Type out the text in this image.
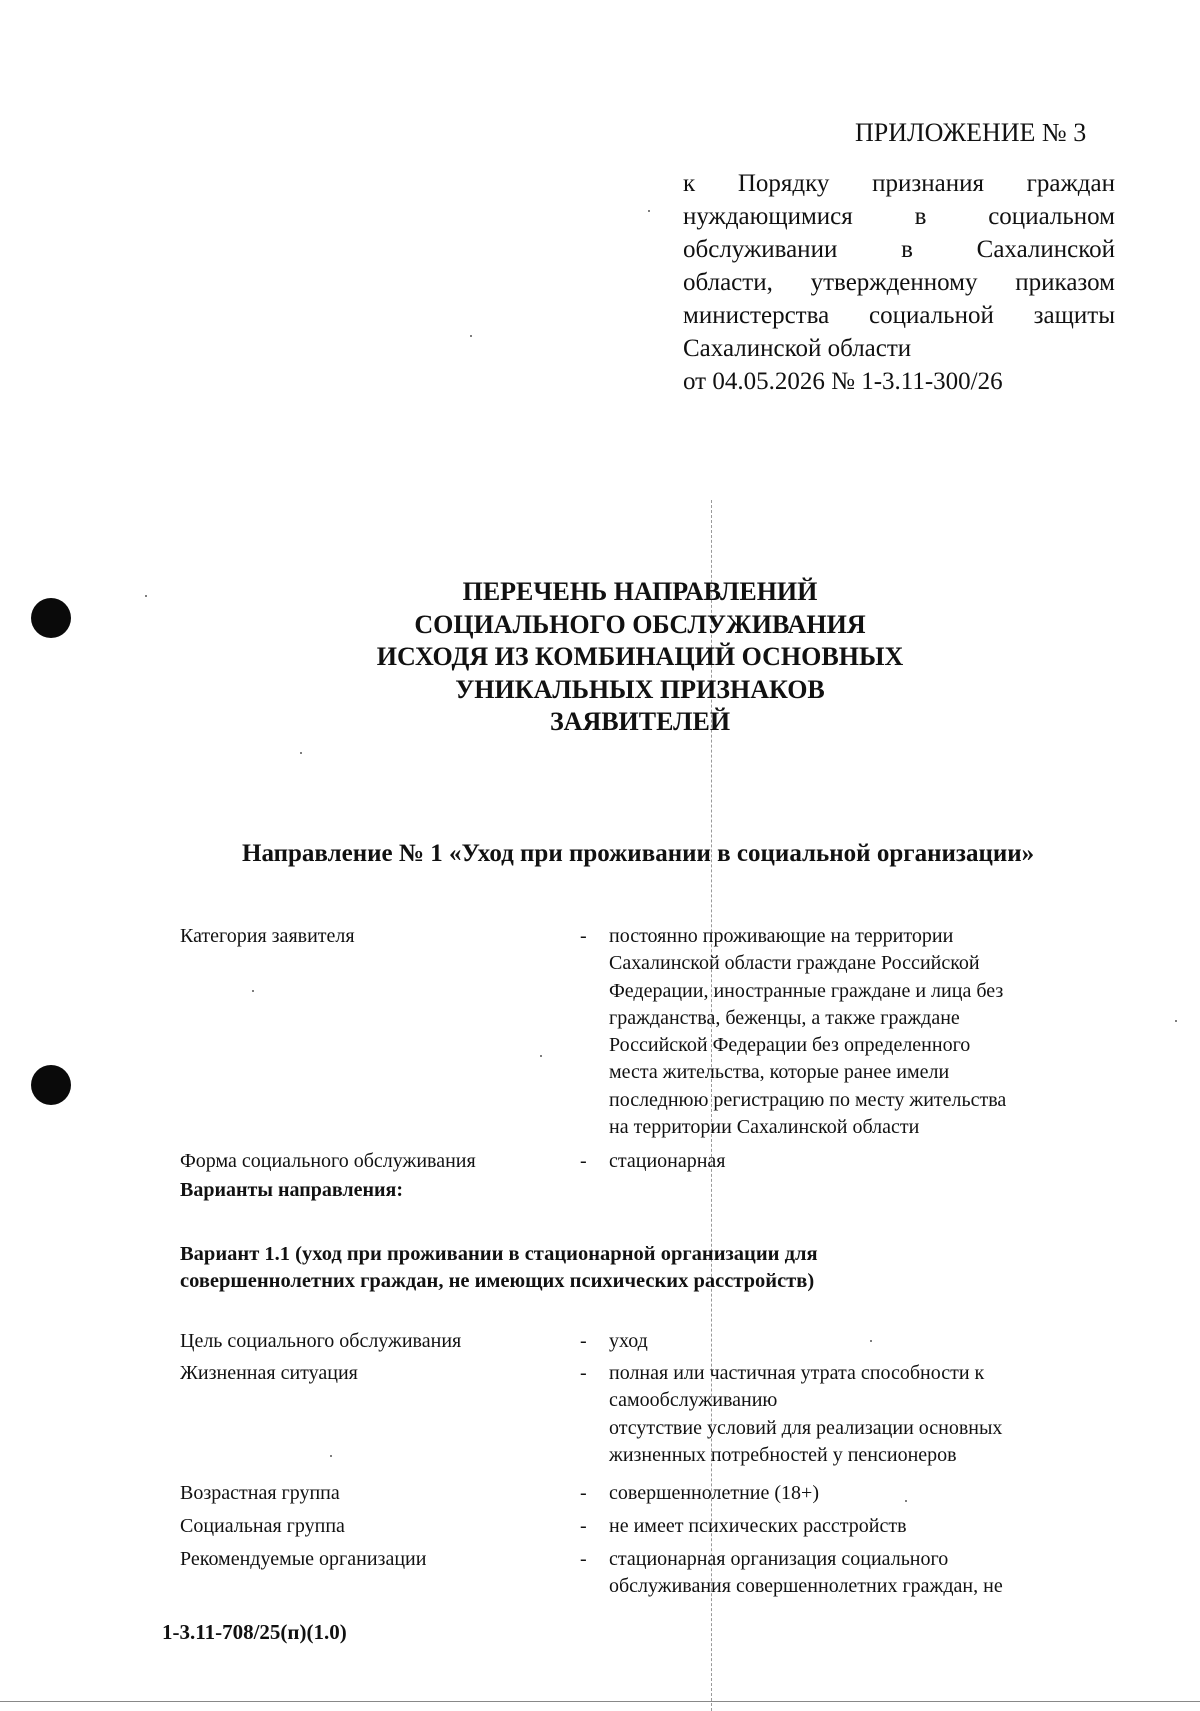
ПРИЛОЖЕНИЕ № 3
к Порядку признания граждан
нуждающимися в социальном
обслуживании в Сахалинской
области, утвержденному приказом
министерства социальной защиты
Сахалинской области
от 04.05.2026 № 1-3.11-300/26
ПЕРЕЧЕНЬ НАПРАВЛЕНИЙ
СОЦИАЛЬНОГО ОБСЛУЖИВАНИЯ
ИСХОДЯ ИЗ КОМБИНАЦИЙ ОСНОВНЫХ
УНИКАЛЬНЫХ ПРИЗНАКОВ
ЗАЯВИТЕЛЕЙ
Направление № 1 «Уход при проживании в социальной организации»
Категория заявителя	- постоянно проживающие на территории
Сахалинской области граждане Российской
Федерации, иностранные граждане и лица без
гражданства, беженцы, а также граждане
Российской Федерации без определенного
места жительства, которые ранее имели
последнюю регистрацию по месту жительства
на территории Сахалинской области
Форма социального обслуживания	- стационарная
Варианты направления:
Вариант 1.1 (уход при проживании в стационарной организации для
совершеннолетних граждан, не имеющих психических расстройств)
Цель социального обслуживания	- уход
Жизненная ситуация	- полная или частичная утрата способности к
самообслуживанию
отсутствие условий для реализации основных
жизненных потребностей у пенсионеров
Возрастная группа	- совершеннолетние (18+)
Социальная группа	- не имеет психических расстройств
Рекомендуемые организации	- стационарная организация социального
обслуживания совершеннолетних граждан, не
1-3.11-708/25(п)(1.0)
